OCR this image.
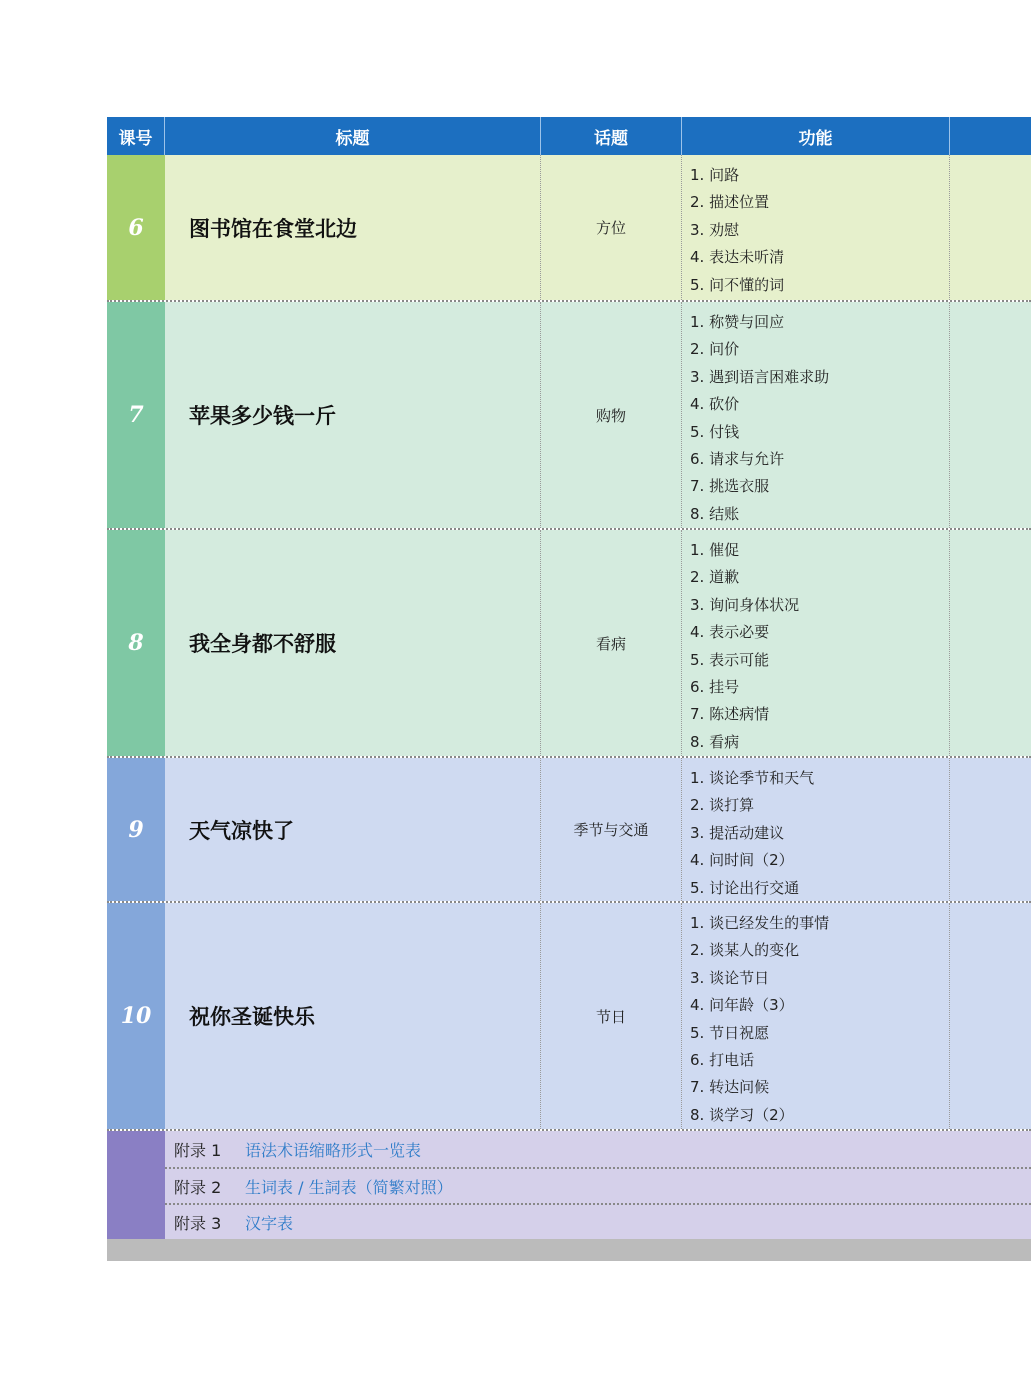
课号	标题	话题	功能
6	图书馆在食堂北边	方位
1. 问路
2. 描述位置
3. 劝慰
4. 表达未听清
5. 问不懂的词
7	苹果多少钱一斤	购物
1. 称赞与回应
2. 问价
3. 遇到语言困难求助
4. 砍价
5. 付钱
6. 请求与允许
7. 挑选衣服
8. 结账
8	我全身都不舒服	看病
1. 催促
2. 道歉
3. 询问身体状况
4. 表示必要
5. 表示可能
6. 挂号
7. 陈述病情
8. 看病
9	天气凉快了	季节与交通
1. 谈论季节和天气
2. 谈打算
3. 提活动建议
4. 问时间（2）
5. 讨论出行交通
10	祝你圣诞快乐	节日
1. 谈已经发生的事情
2. 谈某人的变化
3. 谈论节日
4. 问年龄（3）
5. 节日祝愿
6. 打电话
7. 转达问候
8. 谈学习（2）
附录 1	语法术语缩略形式一览表
附录 2	生词表 / 生詞表（简繁对照）
附录 3	汉字表
